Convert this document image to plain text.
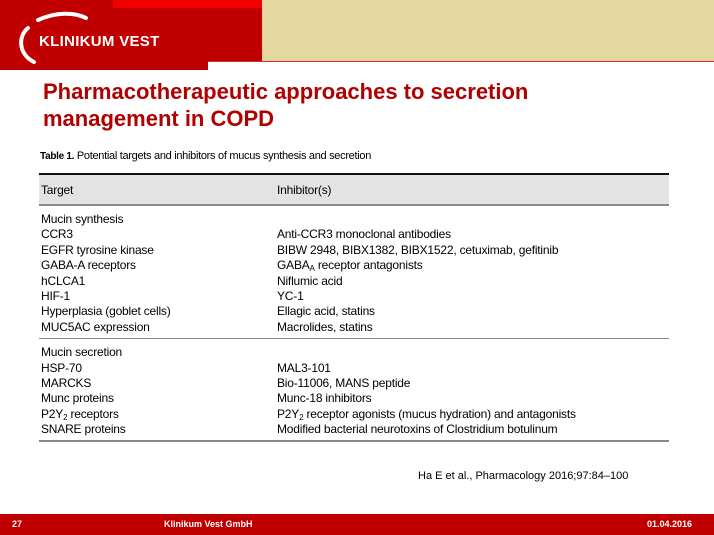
KLINIKUM VEST
Pharmacotherapeutic approaches to secretion
management in COPD
Table 1. Potential targets and inhibitors of mucus synthesis and secretion
Target	Inhibitor(s)
Mucin synthesis
CCR3	Anti-CCR3 monoclonal antibodies
EGFR tyrosine kinase	BIBW 2948, BIBX1382, BIBX1522, cetuximab, gefitinib
GABA-A receptors	$GABA_A$ receptor antagonists
hCLCA1	Niflumic acid
HIF-1	YC-1
Hyperplasia (goblet cells)	Ellagic acid, statins
MUC5AC expression	Macrolides, statins
Mucin secretion
HSP-70	MAL3-101
MARCKS	Bio-11006, MANS peptide
Munc proteins	Munc-18 inhibitors
$P2Y_2$ receptors	$P2Y_2$ receptor agonists (mucus hydration) and antagonists
SNARE proteins	Modified bacterial neurotoxins of Clostridium botulinum
Ha E et al., Pharmacology 2016;97:84–100
27	Klinikum Vest GmbH	01.04.2016
